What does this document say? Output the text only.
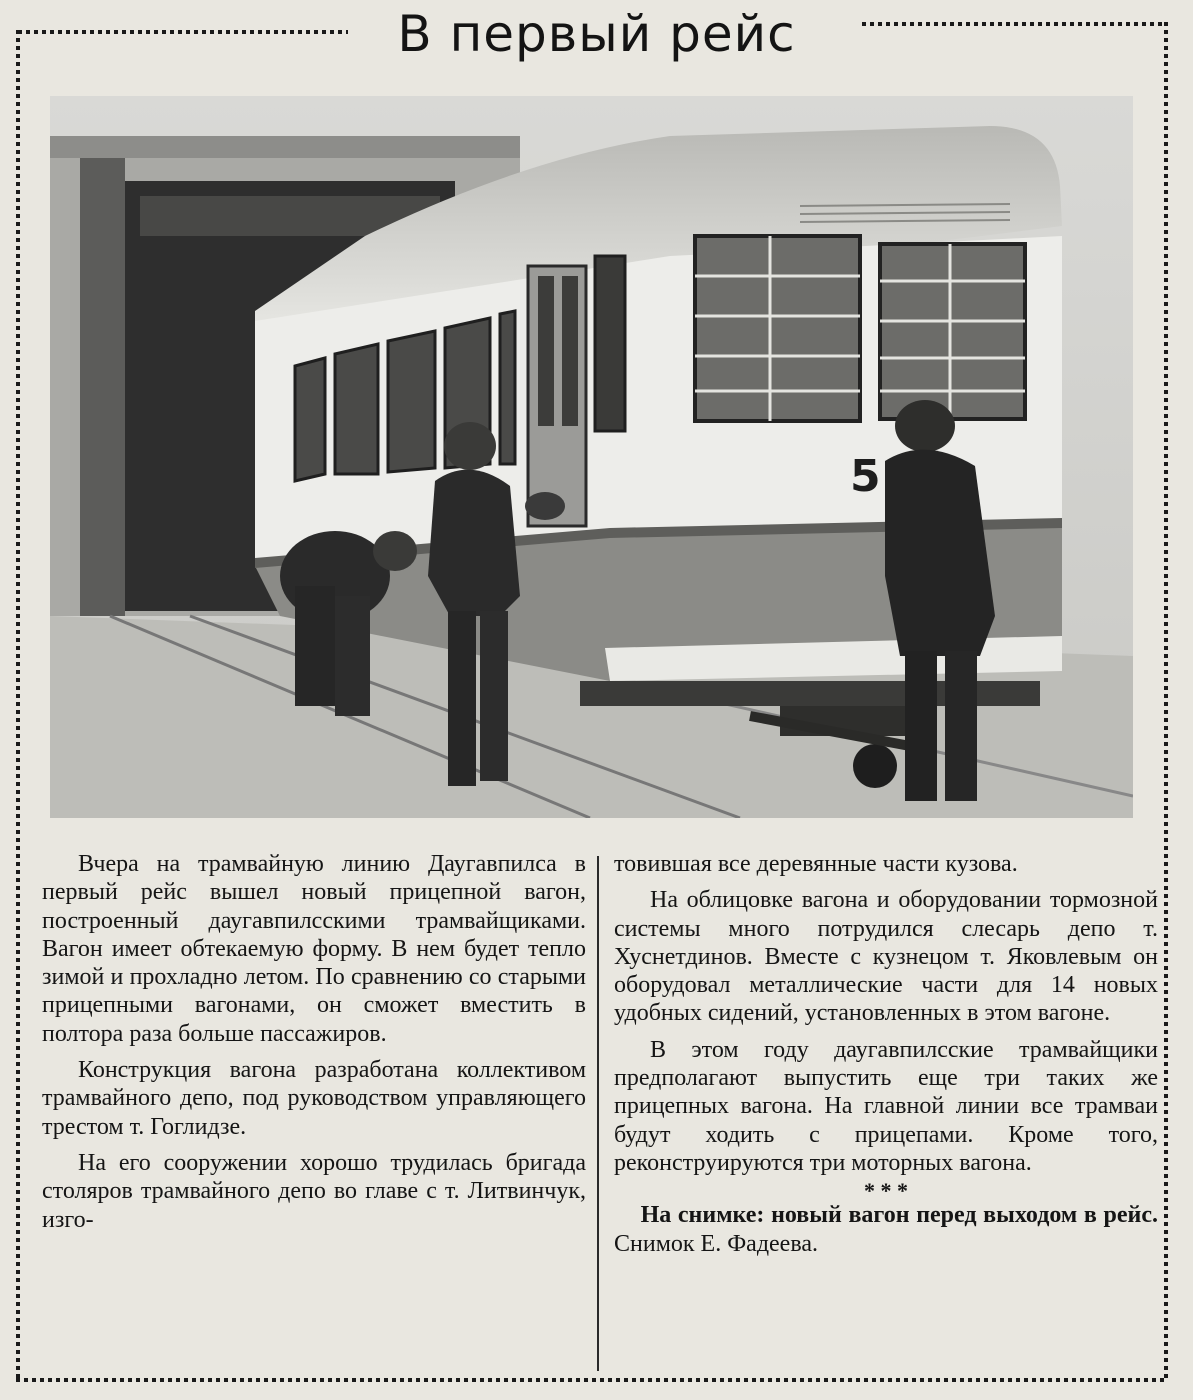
В первый рейс
5

Вчера на трамвайную линию Даугавпилса в первый рейс вышел новый прицепной вагон, построенный даугавпилсскими трамвайщиками. Вагон имеет обтекаемую форму. В нем будет тепло зимой и прохладно летом. По сравнению со старыми прицепными вагонами, он сможет вместить в полтора раза больше пассажиров.

Конструкция вагона разработана коллективом трамвайного депо, под руководством управляющего трестом т. Гоглидзе.

На его сооружении хорошо трудилась бригада столяров трамвайного депо во главе с т. Литвинчук, изго-

товившая все деревянные части кузова.

На облицовке вагона и оборудовании тормозной системы много потрудился слесарь депо т. Хуснетдинов. Вместе с кузнецом т. Яковлевым он оборудовал металлические части для 14 новых удобных сидений, установленных в этом вагоне.

В этом году даугавпилсские трамвайщики предполагают выпустить еще три таких же прицепных вагона. На главной линии все трамваи будут ходить с прицепами. Кроме того, реконструируются три моторных вагона.

* * *

На снимке: новый вагон перед выходом в рейс. Снимок Е. Фадеева.
